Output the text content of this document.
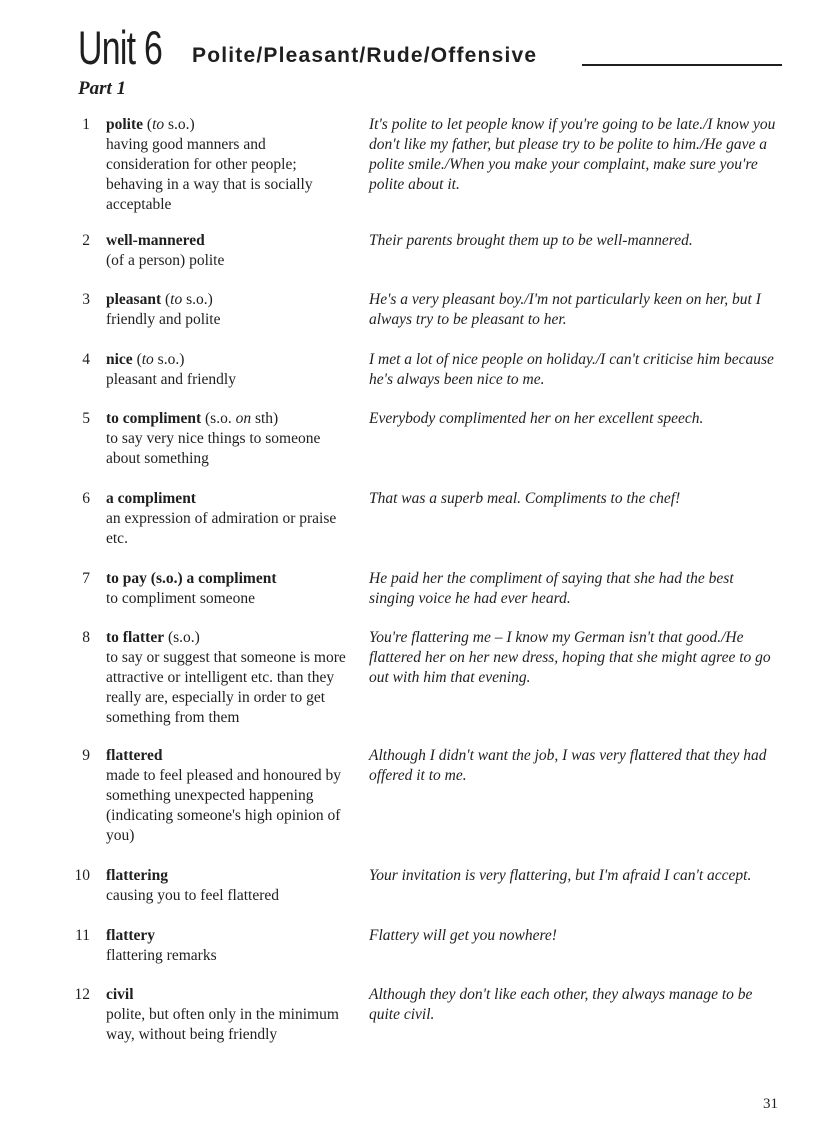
Unit 6 Polite/Pleasant/Rude/Offensive
Part 1
1 polite (to s.o.)
having good manners and consideration for other people; behaving in a way that is socially acceptable
It's polite to let people know if you're going to be late./I know you don't like my father, but please try to be polite to him./He gave a polite smile./When you make your complaint, make sure you're polite about it.
2 well-mannered
(of a person) polite
Their parents brought them up to be well-mannered.
3 pleasant (to s.o.)
friendly and polite
He's a very pleasant boy./I'm not particularly keen on her, but I always try to be pleasant to her.
4 nice (to s.o.)
pleasant and friendly
I met a lot of nice people on holiday./I can't criticise him because he's always been nice to me.
5 to compliment (s.o. on sth)
to say very nice things to someone about something
Everybody complimented her on her excellent speech.
6 a compliment
an expression of admiration or praise etc.
That was a superb meal. Compliments to the chef!
7 to pay (s.o.) a compliment
to compliment someone
He paid her the compliment of saying that she had the best singing voice he had ever heard.
8 to flatter (s.o.)
to say or suggest that someone is more attractive or intelligent etc. than they really are, especially in order to get something from them
You're flattering me – I know my German isn't that good./He flattered her on her new dress, hoping that she might agree to go out with him that evening.
9 flattered
made to feel pleased and honoured by something unexpected happening (indicating someone's high opinion of you)
Although I didn't want the job, I was very flattered that they had offered it to me.
10 flattering
causing you to feel flattered
Your invitation is very flattering, but I'm afraid I can't accept.
11 flattery
flattering remarks
Flattery will get you nowhere!
12 civil
polite, but often only in the minimum way, without being friendly
Although they don't like each other, they always manage to be quite civil.
31
